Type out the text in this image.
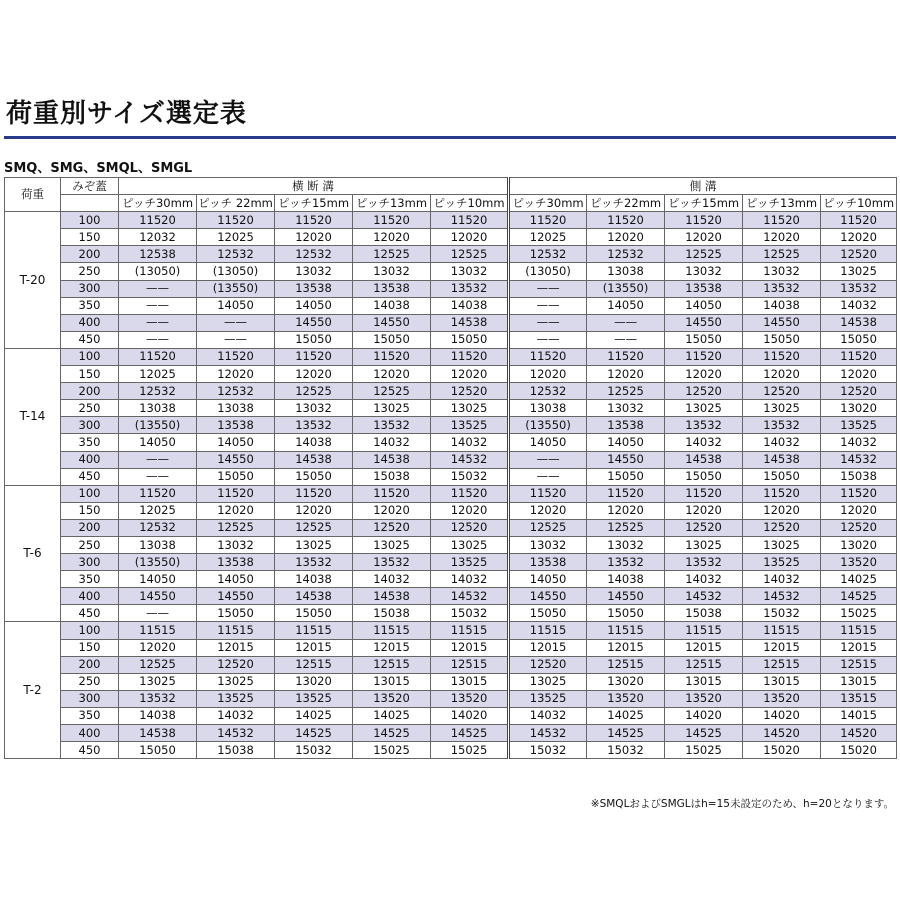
荷重別サイズ選定表
SMQ、SMG、SMQL、SMGL
荷重	みぞ蓋	横 断 溝					側 溝				
		ピッチ30mm	ピッチ 22mm	ピッチ15mm	ピッチ13mm	ピッチ10mm	ピッチ30mm	ピッチ22mm	ピッチ15mm	ピッチ13mm	ピッチ10mm
T-20	100	11520	11520	11520	11520	11520	11520	11520	11520	11520	11520
	150	12032	12025	12020	12020	12020	12025	12020	12020	12020	12020
	200	12538	12532	12532	12525	12525	12532	12532	12525	12525	12520
	250	(13050)	(13050)	13032	13032	13032	(13050)	13038	13032	13032	13025
	300	——	(13550)	13538	13538	13532	——	(13550)	13538	13532	13532
	350	——	14050	14050	14038	14038	——	14050	14050	14038	14032
	400	——	——	14550	14550	14538	——	——	14550	14550	14538
	450	——	——	15050	15050	15050	——	——	15050	15050	15050
T-14	100	11520	11520	11520	11520	11520	11520	11520	11520	11520	11520
	150	12025	12020	12020	12020	12020	12020	12020	12020	12020	12020
	200	12532	12532	12525	12525	12520	12532	12525	12520	12520	12520
	250	13038	13038	13032	13025	13025	13038	13032	13025	13025	13020
	300	(13550)	13538	13532	13532	13525	(13550)	13538	13532	13532	13525
	350	14050	14050	14038	14032	14032	14050	14050	14032	14032	14032
	400	——	14550	14538	14538	14532	——	14550	14538	14538	14532
	450	——	15050	15050	15038	15032	——	15050	15050	15050	15038
T-6	100	11520	11520	11520	11520	11520	11520	11520	11520	11520	11520
	150	12025	12020	12020	12020	12020	12020	12020	12020	12020	12020
	200	12532	12525	12525	12520	12520	12525	12525	12520	12520	12520
	250	13038	13032	13025	13025	13025	13032	13032	13025	13025	13020
	300	(13550)	13538	13532	13532	13525	13538	13532	13532	13525	13520
	350	14050	14050	14038	14032	14032	14050	14038	14032	14032	14025
	400	14550	14550	14538	14538	14532	14550	14550	14532	14532	14525
	450	——	15050	15050	15038	15032	15050	15050	15038	15032	15025
T-2	100	11515	11515	11515	11515	11515	11515	11515	11515	11515	11515
	150	12020	12015	12015	12015	12015	12015	12015	12015	12015	12015
	200	12525	12520	12515	12515	12515	12520	12515	12515	12515	12515
	250	13025	13025	13020	13015	13015	13025	13020	13015	13015	13015
	300	13532	13525	13525	13520	13520	13525	13520	13520	13520	13515
	350	14038	14032	14025	14025	14020	14032	14025	14020	14020	14015
	400	14538	14532	14525	14525	14525	14532	14525	14525	14520	14520
	450	15050	15038	15032	15025	15025	15032	15032	15025	15020	15020
※SMQLおよびSMGLはh=15未設定のため、h=20となります。
